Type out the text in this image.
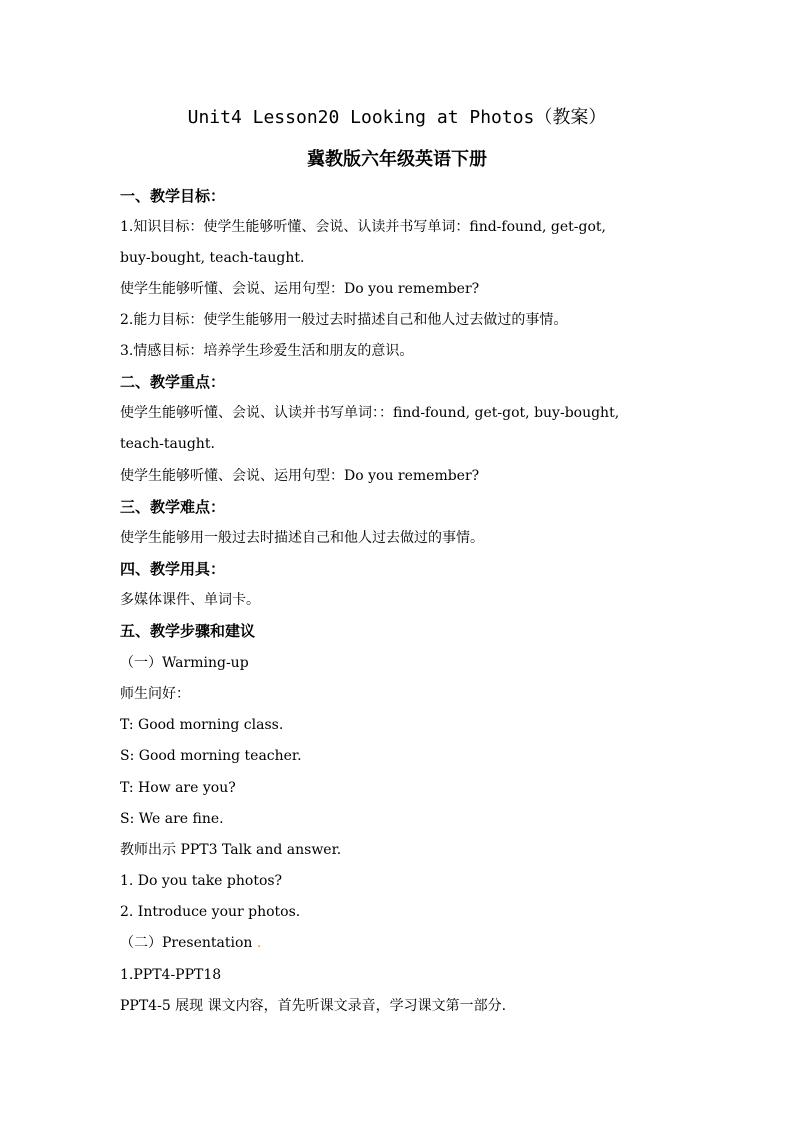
Unit4 Lesson20 Looking at Photos（教案）
冀教版六年级英语下册
一、教学目标：
1.知识目标：使学生能够听懂、会说、认读并书写单词：find-found, get-got,
buy-bought, teach-taught.
使学生能够听懂、会说、运用句型：Do you remember?
2.能力目标：使学生能够用一般过去时描述自己和他人过去做过的事情。
3.情感目标：培养学生珍爱生活和朋友的意识。
二、教学重点：
使学生能够听懂、会说、认读并书写单词：：find-found, get-got, buy-bought,
teach-taught.
使学生能够听懂、会说、运用句型：Do you remember?
三、教学难点：
使学生能够用一般过去时描述自己和他人过去做过的事情。
四、教学用具：
多媒体课件、单词卡。
五、教学步骤和建议
（一）Warming-up
师生问好：
T: Good morning class.
S: Good morning teacher.
T: How are you?
S: We are fine.
教师出示 PPT3 Talk and answer.
1. Do you take photos?
2. Introduce your photos.
（二）Presentation .
1.PPT4-PPT18
PPT4-5 展现 课文内容，首先听课文录音，学习课文第一部分.
